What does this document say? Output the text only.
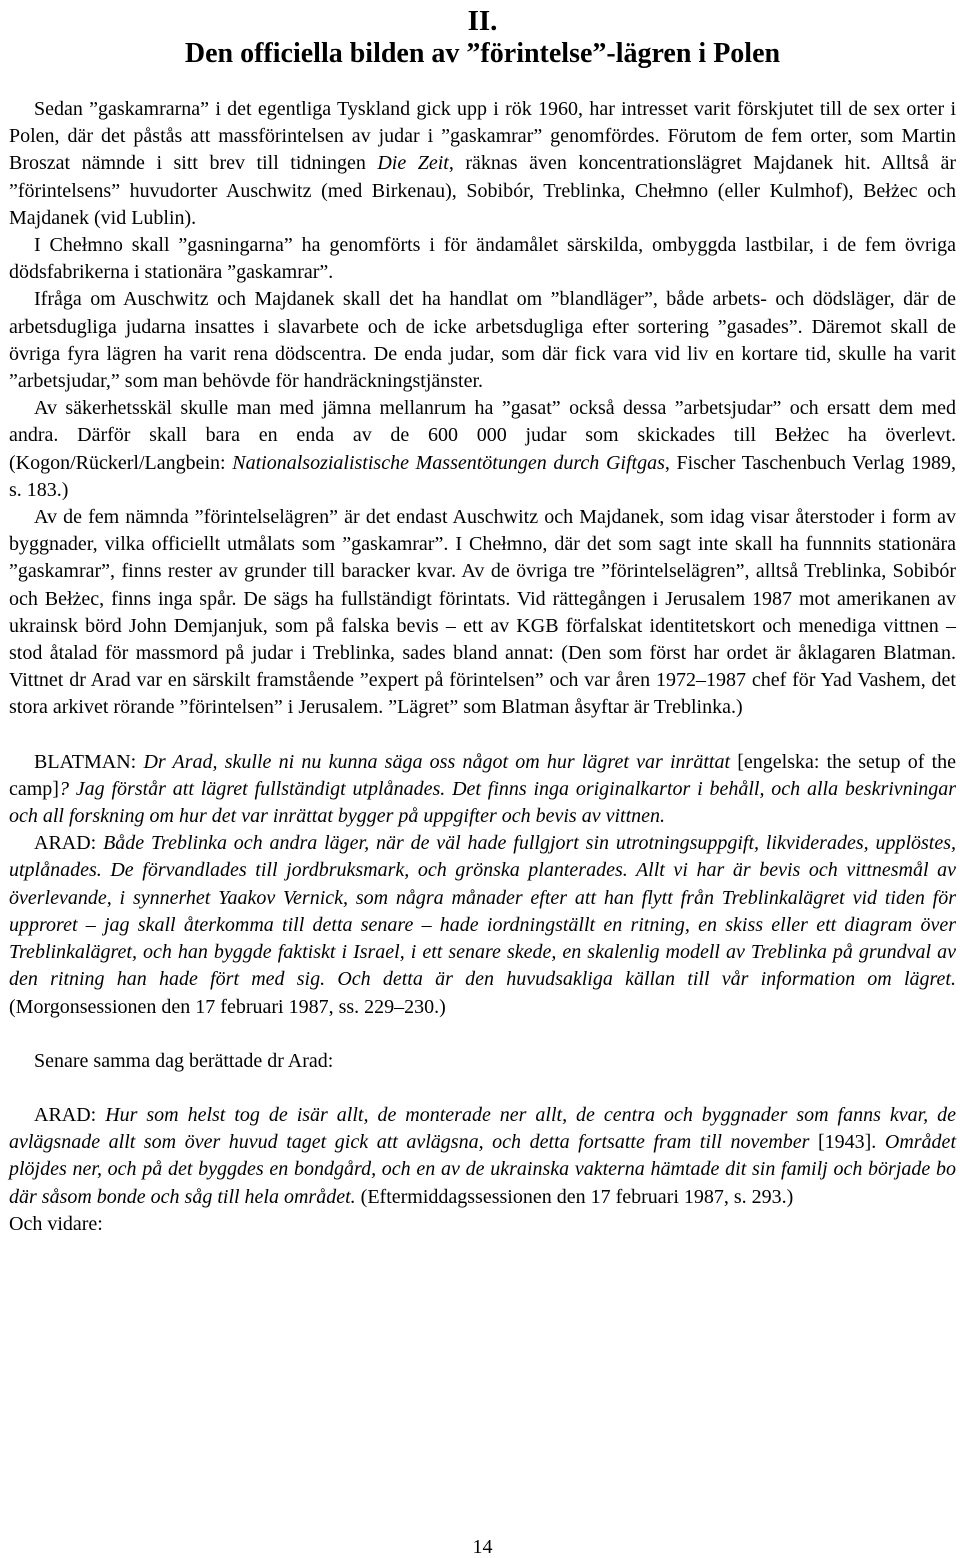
II.
Den officiella bilden av ”förintelse”-lägren i Polen

Sedan ”gaskamrarna” i det egentliga Tyskland gick upp i rök 1960, har intresset varit förskjutet till de sex orter i Polen, där det påstås att massförintelsen av judar i ”gaskamrar” genomfördes. Förutom de fem orter, som Martin Broszat nämnde i sitt brev till tidningen Die Zeit, räknas även koncentrationslägret Majdanek hit. Alltså är ”förintelsens” huvudorter Auschwitz (med Birkenau), Sobibór, Treblinka, Chełmno (eller Kulmhof), Bełżec och Majdanek (vid Lublin).

I Chełmno skall ”gasningarna” ha genomförts i för ändamålet särskilda, ombyggda lastbilar, i de fem övriga dödsfabrikerna i stationära ”gaskamrar”.

Ifråga om Auschwitz och Majdanek skall det ha handlat om ”blandläger”, både arbets- och dödsläger, där de arbetsdugliga judarna insattes i slavarbete och de icke arbetsdugliga efter sortering ”gasades”. Däremot skall de övriga fyra lägren ha varit rena dödscentra. De enda judar, som där fick vara vid liv en kortare tid, skulle ha varit ”arbetsjudar,” som man behövde för handräckningstjänster.

Av säkerhetsskäl skulle man med jämna mellanrum ha ”gasat” också dessa ”arbetsjudar” och ersatt dem med andra. Därför skall bara en enda av de 600 000 judar som skickades till Bełżec ha överlevt. (Kogon/Rückerl/Langbein: Nationalsozialistische Massentötungen durch Giftgas, Fischer Taschenbuch Verlag 1989, s. 183.)

Av de fem nämnda ”förintelselägren” är det endast Auschwitz och Majdanek, som idag visar återstoder i form av byggnader, vilka officiellt utmålats som ”gaskamrar”. I Chełmno, där det som sagt inte skall ha funnnits stationära ”gaskamrar”, finns rester av grunder till baracker kvar. Av de övriga tre ”förintelselägren”, alltså Treblinka, Sobibór och Bełżec, finns inga spår. De sägs ha fullständigt förintats. Vid rättegången i Jerusalem 1987 mot amerikanen av ukrainsk börd John Demjanjuk, som på falska bevis – ett av KGB förfalskat identitetskort och menediga vittnen – stod åtalad för massmord på judar i Treblinka, sades bland annat: (Den som först har ordet är åklagaren Blatman. Vittnet dr Arad var en särskilt framstående ”expert på förintelsen” och var åren 1972–1987 chef för Yad Vashem, det stora arkivet rörande ”förintelsen” i Jerusalem. ”Lägret” som Blatman åsyftar är Treblinka.)

BLATMAN: Dr Arad, skulle ni nu kunna säga oss något om hur lägret var inrättat [engelska: the setup of the camp]? Jag förstår att lägret fullständigt utplånades. Det finns inga originalkartor i behåll, och alla beskrivningar och all forskning om hur det var inrättat bygger på uppgifter och bevis av vittnen.

ARAD: Både Treblinka och andra läger, när de väl hade fullgjort sin utrotningsuppgift, likviderades, upplöstes, utplånades. De förvandlades till jordbruksmark, och grönska planterades. Allt vi har är bevis och vittnesmål av överlevande, i synnerhet Yaakov Vernick, som några månader efter att han flytt från Treblinkalägret vid tiden för upproret – jag skall återkomma till detta senare – hade iordningställt en ritning, en skiss eller ett diagram över Treblinkalägret, och han byggde faktiskt i Israel, i ett senare skede, en skalenlig modell av Treblinka på grundval av den ritning han hade fört med sig. Och detta är den huvudsakliga källan till vår information om lägret. (Morgonsessionen den 17 februari 1987, ss. 229–230.)

Senare samma dag berättade dr Arad:

ARAD: Hur som helst tog de isär allt, de monterade ner allt, de centra och byggnader som fanns kvar, de avlägsnade allt som över huvud taget gick att avlägsna, och detta fortsatte fram till november [1943]. Området plöjdes ner, och på det byggdes en bondgård, och en av de ukrainska vakterna hämtade dit sin familj och började bo där såsom bonde och såg till hela området. (Eftermiddagssessionen den 17 februari 1987, s. 293.)

Och vidare:

14
